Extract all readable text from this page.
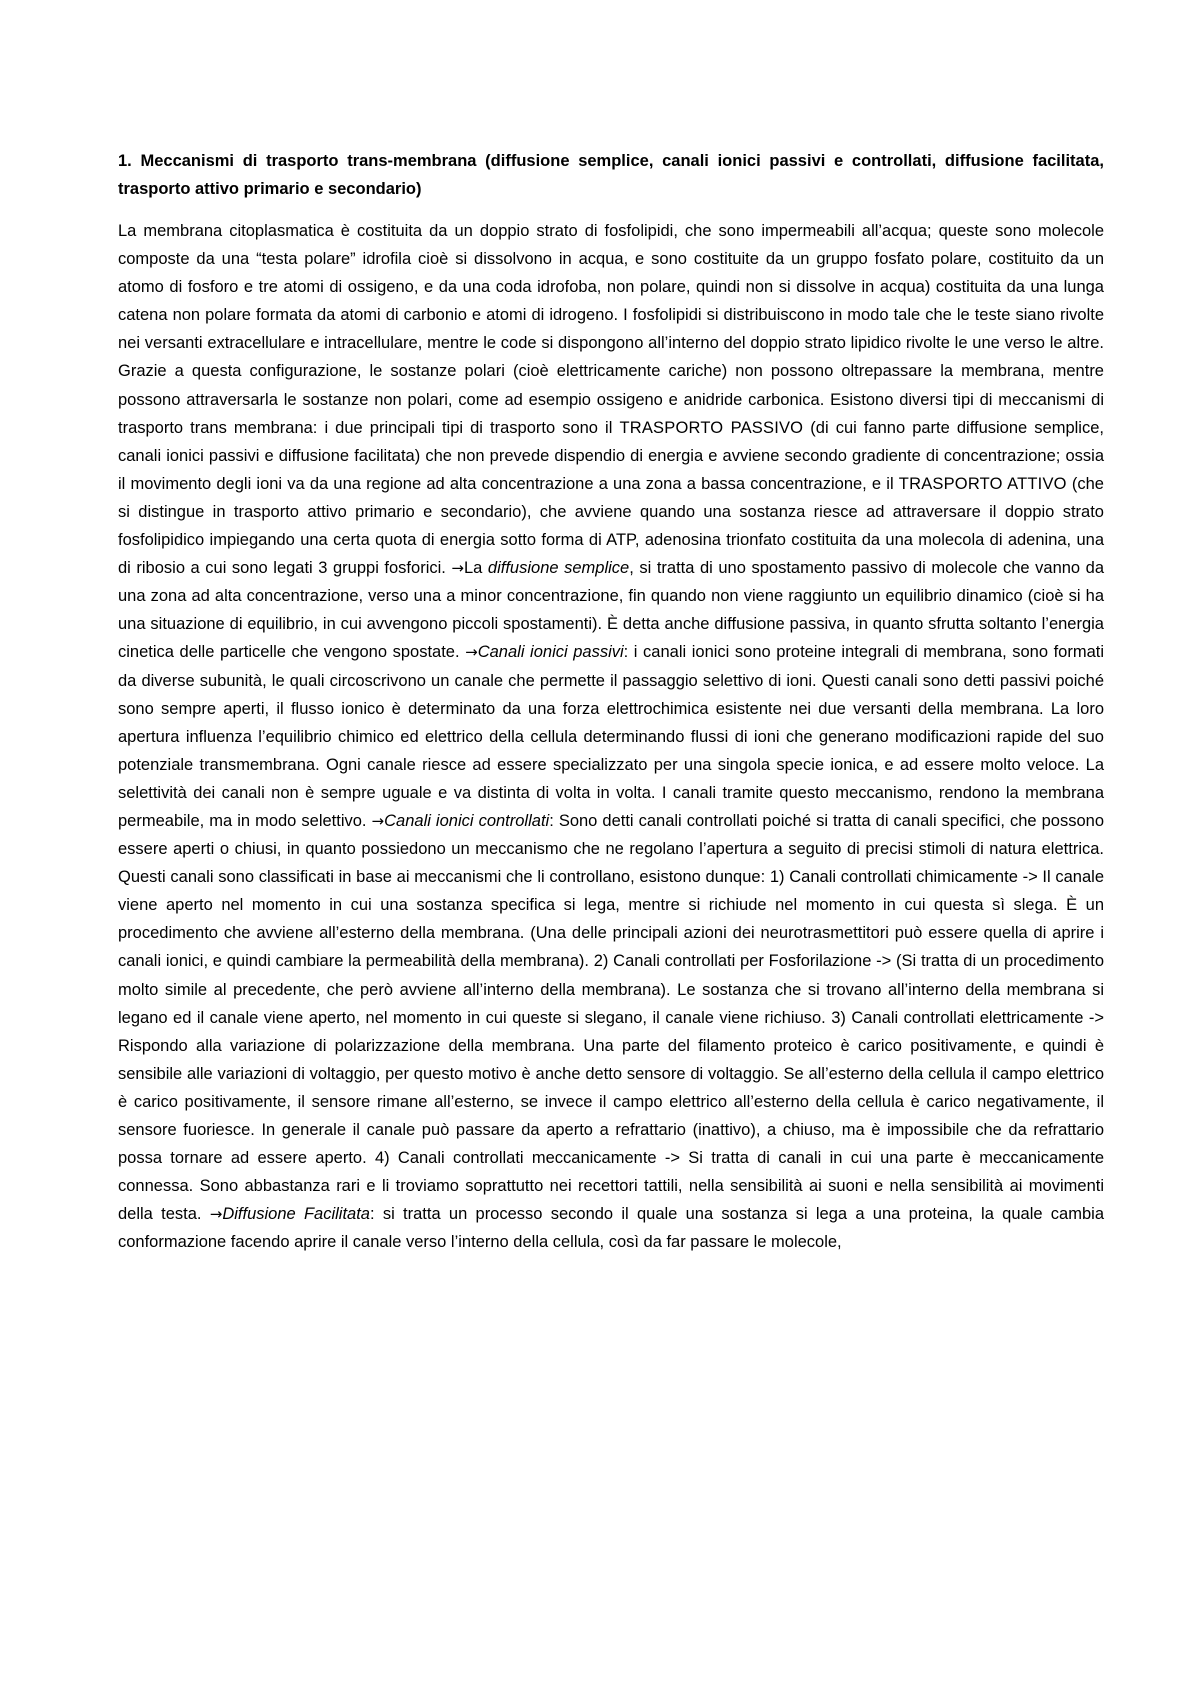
1. Meccanismi di trasporto trans-membrana (diffusione semplice, canali ionici passivi e controllati, diffusione facilitata, trasporto attivo primario e secondario)

La membrana citoplasmatica è costituita da un doppio strato di fosfolipidi, che sono impermeabili all’acqua; queste sono molecole composte da una “testa polare” idrofila cioè si dissolvono in acqua, e sono costituite da un gruppo fosfato polare, costituito da un atomo di fosforo e tre atomi di ossigeno, e da una coda idrofoba, non polare, quindi non si dissolve in acqua) costituita da una lunga catena non polare formata da atomi di carbonio e atomi di idrogeno. I fosfolipidi si distribuiscono in modo tale che le teste siano rivolte nei versanti extracellulare e intracellulare, mentre le code si dispongono all’interno del doppio strato lipidico rivolte le une verso le altre. Grazie a questa configurazione, le sostanze polari (cioè elettricamente cariche) non possono oltrepassare la membrana, mentre possono attraversarla le sostanze non polari, come ad esempio ossigeno e anidride carbonica. Esistono diversi tipi di meccanismi di trasporto trans membrana: i due principali tipi di trasporto sono il TRASPORTO PASSIVO (di cui fanno parte diffusione semplice, canali ionici passivi e diffusione facilitata) che non prevede dispendio di energia e avviene secondo gradiente di concentrazione; ossia il movimento degli ioni va da una regione ad alta concentrazione a una zona a bassa concentrazione, e il TRASPORTO ATTIVO (che si distingue in trasporto attivo primario e secondario), che avviene quando una sostanza riesce ad attraversare il doppio strato fosfolipidico impiegando una certa quota di energia sotto forma di ATP, adenosina trionfato costituita da una molecola di adenina, una di ribosio a cui sono legati 3 gruppi fosforici. →La diffusione semplice, si tratta di uno spostamento passivo di molecole che vanno da una zona ad alta concentrazione, verso una a minor concentrazione, fin quando non viene raggiunto un equilibrio dinamico (cioè si ha una situazione di equilibrio, in cui avvengono piccoli spostamenti). È detta anche diffusione passiva, in quanto sfrutta soltanto l’energia cinetica delle particelle che vengono spostate. →Canali ionici passivi: i canali ionici sono proteine integrali di membrana, sono formati da diverse subunità, le quali circoscrivono un canale che permette il passaggio selettivo di ioni. Questi canali sono detti passivi poiché sono sempre aperti, il flusso ionico è determinato da una forza elettrochimica esistente nei due versanti della membrana. La loro apertura influenza l’equilibrio chimico ed elettrico della cellula determinando flussi di ioni che generano modificazioni rapide del suo potenziale transmembrana. Ogni canale riesce ad essere specializzato per una singola specie ionica, e ad essere molto veloce. La selettività dei canali non è sempre uguale e va distinta di volta in volta. I canali tramite questo meccanismo, rendono la membrana permeabile, ma in modo selettivo. →Canali ionici controllati: Sono detti canali controllati poiché si tratta di canali specifici, che possono essere aperti o chiusi, in quanto possiedono un meccanismo che ne regolano l’apertura a seguito di precisi stimoli di natura elettrica. Questi canali sono classificati in base ai meccanismi che li controllano, esistono dunque: 1) Canali controllati chimicamente -> Il canale viene aperto nel momento in cui una sostanza specifica si lega, mentre si richiude nel momento in cui questa sì slega. È un procedimento che avviene all’esterno della membrana. (Una delle principali azioni dei neurotrasmettitori può essere quella di aprire i canali ionici, e quindi cambiare la permeabilità della membrana). 2) Canali controllati per Fosforilazione -> (Si tratta di un procedimento molto simile al precedente, che però avviene all’interno della membrana). Le sostanza che si trovano all’interno della membrana si legano ed il canale viene aperto, nel momento in cui queste si slegano, il canale viene richiuso. 3) Canali controllati elettricamente -> Rispondo alla variazione di polarizzazione della membrana. Una parte del filamento proteico è carico positivamente, e quindi è sensibile alle variazioni di voltaggio, per questo motivo è anche detto sensore di voltaggio. Se all’esterno della cellula il campo elettrico è carico positivamente, il sensore rimane all’esterno, se invece il campo elettrico all’esterno della cellula è carico negativamente, il sensore fuoriesce. In generale il canale può passare da aperto a refrattario (inattivo), a chiuso, ma è impossibile che da refrattario possa tornare ad essere aperto. 4) Canali controllati meccanicamente -> Si tratta di canali in cui una parte è meccanicamente connessa. Sono abbastanza rari e li troviamo soprattutto nei recettori tattili, nella sensibilità ai suoni e nella sensibilità ai movimenti della testa. →Diffusione Facilitata: si tratta un processo secondo il quale una sostanza si lega a una proteina, la quale cambia conformazione facendo aprire il canale verso l’interno della cellula, così da far passare le molecole,
